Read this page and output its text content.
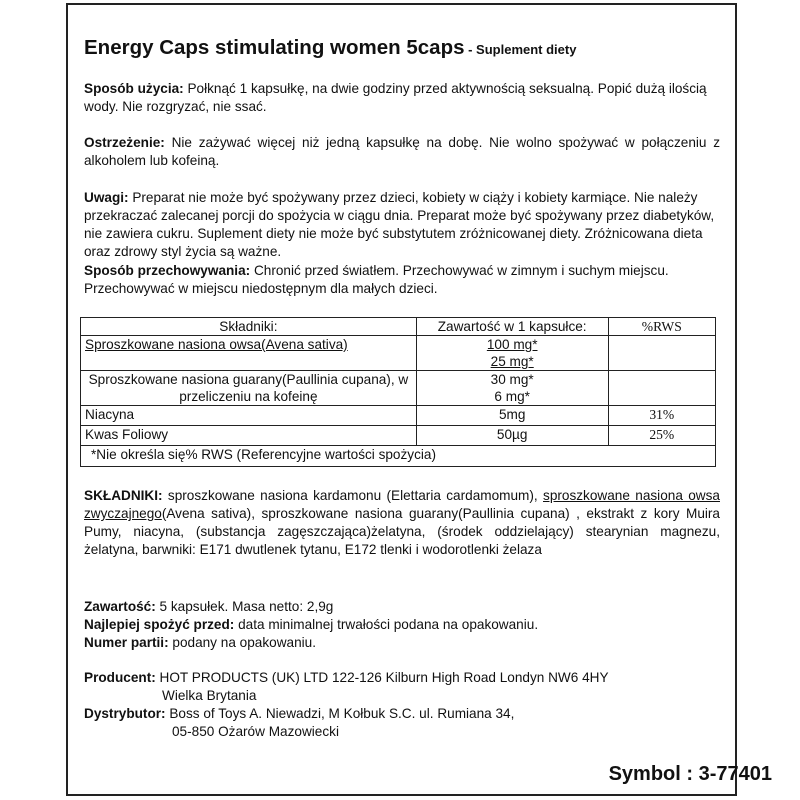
Energy Caps stimulating women 5caps - Suplement diety

Sposób użycia: Połknąć 1 kapsułkę, na dwie godziny przed aktywnością seksualną. Popić dużą ilością wody. Nie rozgryzać, nie ssać.

Ostrzeżenie: Nie zażywać więcej niż jedną kapsułkę na dobę. Nie wolno spożywać w połączeniu z alkoholem lub kofeiną.

Uwagi: Preparat nie może być spożywany przez dzieci, kobiety w ciąży i kobiety karmiące. Nie należy przekraczać zalecanej porcji do spożycia w ciągu dnia. Preparat może być spożywany przez diabetyków, nie zawiera cukru. Suplement diety nie może być substytutem zróżnicowanej diety. Zróżnicowana dieta oraz zdrowy styl życia są ważne.

Sposób przechowywania: Chronić przed światłem. Przechowywać w zimnym i suchym miejscu. Przechowywać w miejscu niedostępnym dla małych dzieci.

Składniki:	Zawartość w 1 kapsułce:	%RWS
Sproszkowane nasiona owsa(Avena sativa)	100 mg*
25 mg*	

Sproszkowane nasiona guarany(Paullinia cupana), w przeliczeniu na kofeinę	30 mg*
6 mg*	

Niacyna	5mg	31%
Kwas Foliowy	50µg	25%
*Nie określa się% RWS (Referencyjne wartości spożycia)		

SKŁADNIKI: sproszkowane nasiona kardamonu (Elettaria cardamomum), sproszkowane nasiona owsa zwyczajnego(Avena sativa), sproszkowane nasiona guarany(Paullinia cupana) , ekstrakt z kory Muira Pumy, niacyna, (substancja zagęszczająca)żelatyna, (środek oddzielający) stearynian magnezu, żelatyna, barwniki: E171 dwutlenek tytanu, E172 tlenki i wodorotlenki żelaza

Zawartość: 5 kapsułek. Masa netto: 2,9g

Najlepiej spożyć przed: data minimalnej trwałości podana na opakowaniu.

Numer partii: podany na opakowaniu.

Producent: HOT PRODUCTS (UK) LTD 122-126 Kilburn High Road Londyn NW6 4HY

Wielka Brytania

Dystrybutor: Boss of Toys A. Niewadzi, M Kołbuk S.C. ul. Rumiana 34,

05-850 Ożarów Mazowiecki

Symbol : 3-77401
